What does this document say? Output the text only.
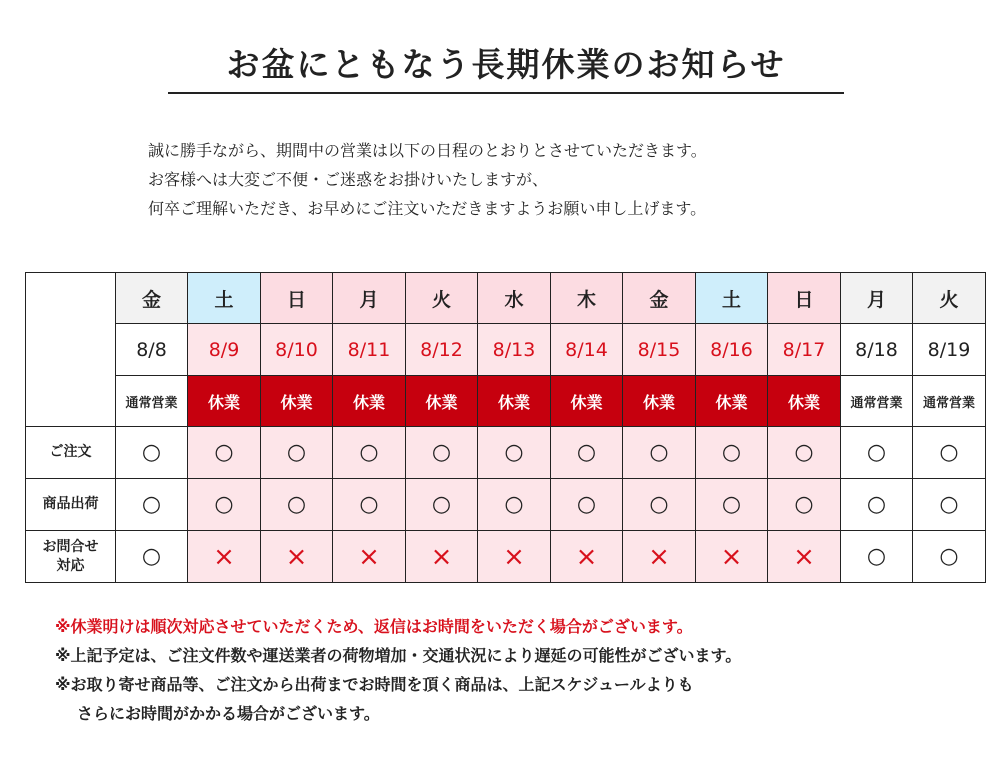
お盆にともなう長期休業のお知らせ
誠に勝手ながら、期間中の営業は以下の日程のとおりとさせていただきます。
お客様へは大変ご不便・ご迷惑をお掛けいたしますが、
何卒ご理解いただき、お早めにご注文いただきますようお願い申し上げます。
	金	土	日	月	火	水	木	金	土	日	月	火
	8/8	8/9	8/10	8/11	8/12	8/13	8/14	8/15	8/16	8/17	8/18	8/19
	通常営業	休業	休業	休業	休業	休業	休業	休業	休業	休業	通常営業	通常営業
ご注文	○	○	○	○	○	○	○	○	○	○	○	○
商品出荷	○	○	○	○	○	○	○	○	○	○	○	○
お問合せ
対応	○	×	×	×	×	×	×	×	×	×	○	○
※休業明けは順次対応させていただくため、返信はお時間をいただく場合がございます。
※上記予定は、ご注文件数や運送業者の荷物増加・交通状況により遅延の可能性がございます。
※お取り寄せ商品等、ご注文から出荷までお時間を頂く商品は、上記スケジュールよりも
さらにお時間がかかる場合がございます。
